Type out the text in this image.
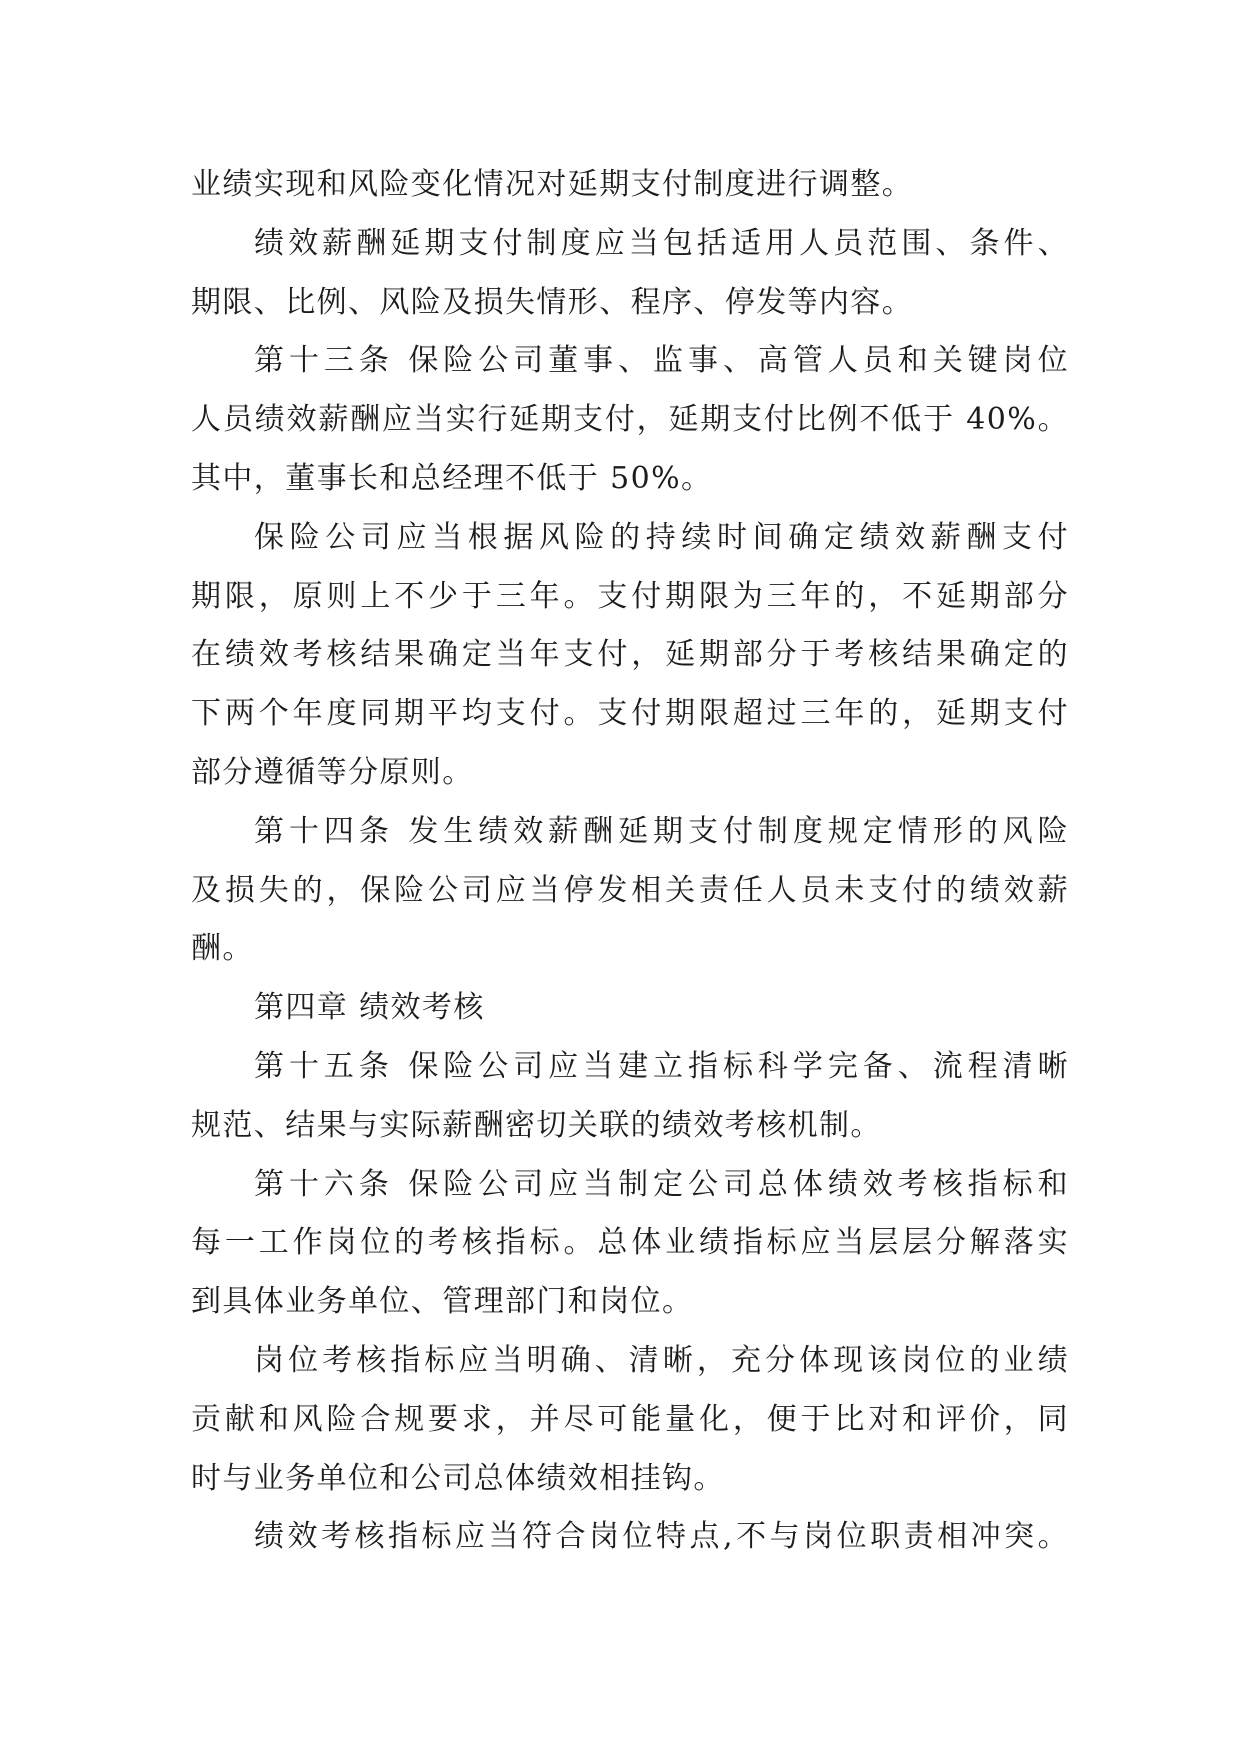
业绩实现和风险变化情况对延期支付制度进行调整。
绩效薪酬延期支付制度应当包括适用人员范围、条件、
期限、比例、风险及损失情形、程序、停发等内容。
第十三条 保险公司董事、监事、高管人员和关键岗位
人员绩效薪酬应当实行延期支付，延期支付比例不低于 40%。
其中，董事长和总经理不低于 50%。
保险公司应当根据风险的持续时间确定绩效薪酬支付
期限，原则上不少于三年。支付期限为三年的，不延期部分
在绩效考核结果确定当年支付，延期部分于考核结果确定的
下两个年度同期平均支付。支付期限超过三年的，延期支付
部分遵循等分原则。
第十四条 发生绩效薪酬延期支付制度规定情形的风险
及损失的，保险公司应当停发相关责任人员未支付的绩效薪
酬。
第四章 绩效考核
第十五条 保险公司应当建立指标科学完备、流程清晰
规范、结果与实际薪酬密切关联的绩效考核机制。
第十六条 保险公司应当制定公司总体绩效考核指标和
每一工作岗位的考核指标。总体业绩指标应当层层分解落实
到具体业务单位、管理部门和岗位。
岗位考核指标应当明确、清晰，充分体现该岗位的业绩
贡献和风险合规要求，并尽可能量化，便于比对和评价，同
时与业务单位和公司总体绩效相挂钩。
绩效考核指标应当符合岗位特点,不与岗位职责相冲突。
